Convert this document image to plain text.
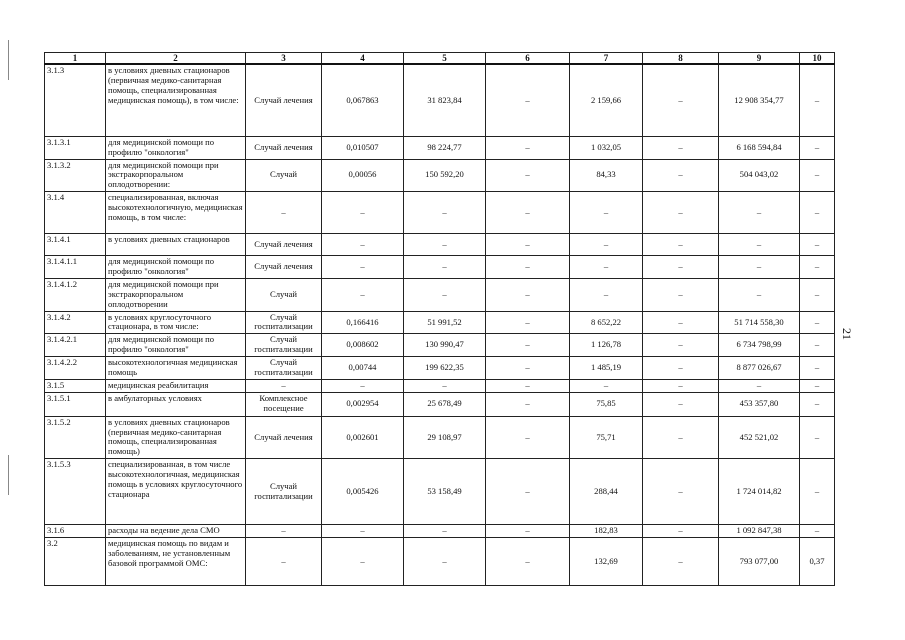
1	2	3	4	5	6	7	8	9	10
3.1.3	в условиях дневных стационаров (первичная медико-санитарная помощь, специализированная медицинская помощь), в том числе:	Случай лечения	0,067863	31 823,84	–	2 159,66	–	12 908 354,77	–
3.1.3.1	для медицинской помощи по профилю "онкология"	Случай лечения	0,010507	98 224,77	–	1 032,05	–	6 168 594,84	–
3.1.3.2	для медицинской помощи при экстракорпоральном оплодотворении:	Случай	0,00056	150 592,20	–	84,33	–	504 043,02	–
3.1.4	специализированная, включая высокотехнологичную, медицинская помощь, в том числе:	–	–	–	–	–	–	–	–
3.1.4.1	в условиях дневных стационаров	Случай лечения	–	–	–	–	–	–	–
3.1.4.1.1	для медицинской помощи по профилю "онкология"	Случай лечения	–	–	–	–	–	–	–
3.1.4.1.2	для медицинской помощи при экстракорпоральном оплодотворении	Случай	–	–	–	–	–	–	–
3.1.4.2	в условиях круглосуточного стационара, в том числе:	Случай госпитализации	0,166416	51 991,52	–	8 652,22	–	51 714 558,30	–
3.1.4.2.1	для медицинской помощи по профилю "онкология"	Случай госпитализации	0,008602	130 990,47	–	1 126,78	–	6 734 798,99	–
3.1.4.2.2	высокотехнологичная медицинская помощь	Случай госпитализации	0,00744	199 622,35	–	1 485,19	–	8 877 026,67	–
3.1.5	медицинская реабилитация	–	–	–	–	–	–	–	–
3.1.5.1	в амбулаторных условиях	Комплексное посещение	0,002954	25 678,49	–	75,85	–	453 357,80	–
3.1.5.2	в условиях дневных стационаров (первичная медико-санитарная помощь, специализированная помощь)	Случай лечения	0,002601	29 108,97	–	75,71	–	452 521,02	–
3.1.5.3	специализированная, в том числе высокотехнологичная, медицинская помощь в условиях круглосуточного стационара	Случай госпитализации	0,005426	53 158,49	–	288,44	–	1 724 014,82	–
3.1.6	расходы на ведение дела СМО	–	–	–	–	182,83	–	1 092 847,38	–
3.2	медицинская помощь по видам и заболеваниям, не установленным базовой программой ОМС:	–	–	–	–	132,69	–	793 077,00	0,37
21
